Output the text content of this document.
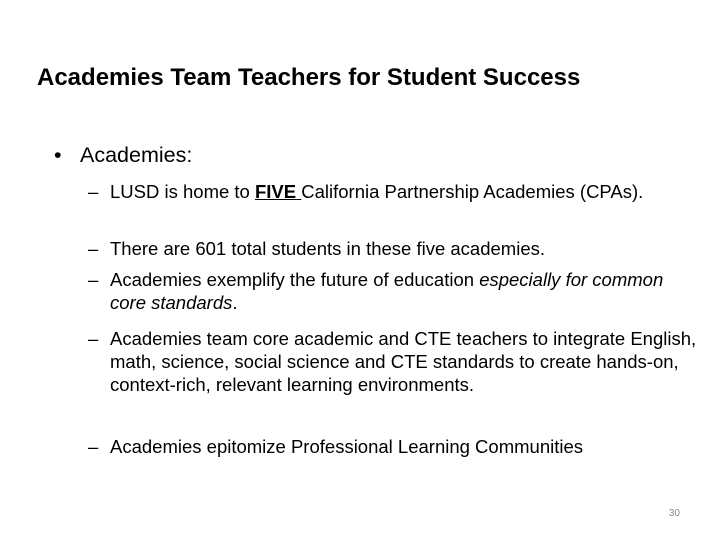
Academies Team Teachers for Student Success
• Academies:
– LUSD is home to FIVE California Partnership Academies (CPAs).
– There are 601 total students in these five academies.
– Academies exemplify the future of education especially for common core standards.
– Academies team core academic and CTE teachers to integrate English, math, science, social science and CTE standards to create hands-on, context-rich, relevant learning environments.
– Academies epitomize Professional Learning Communities
30
